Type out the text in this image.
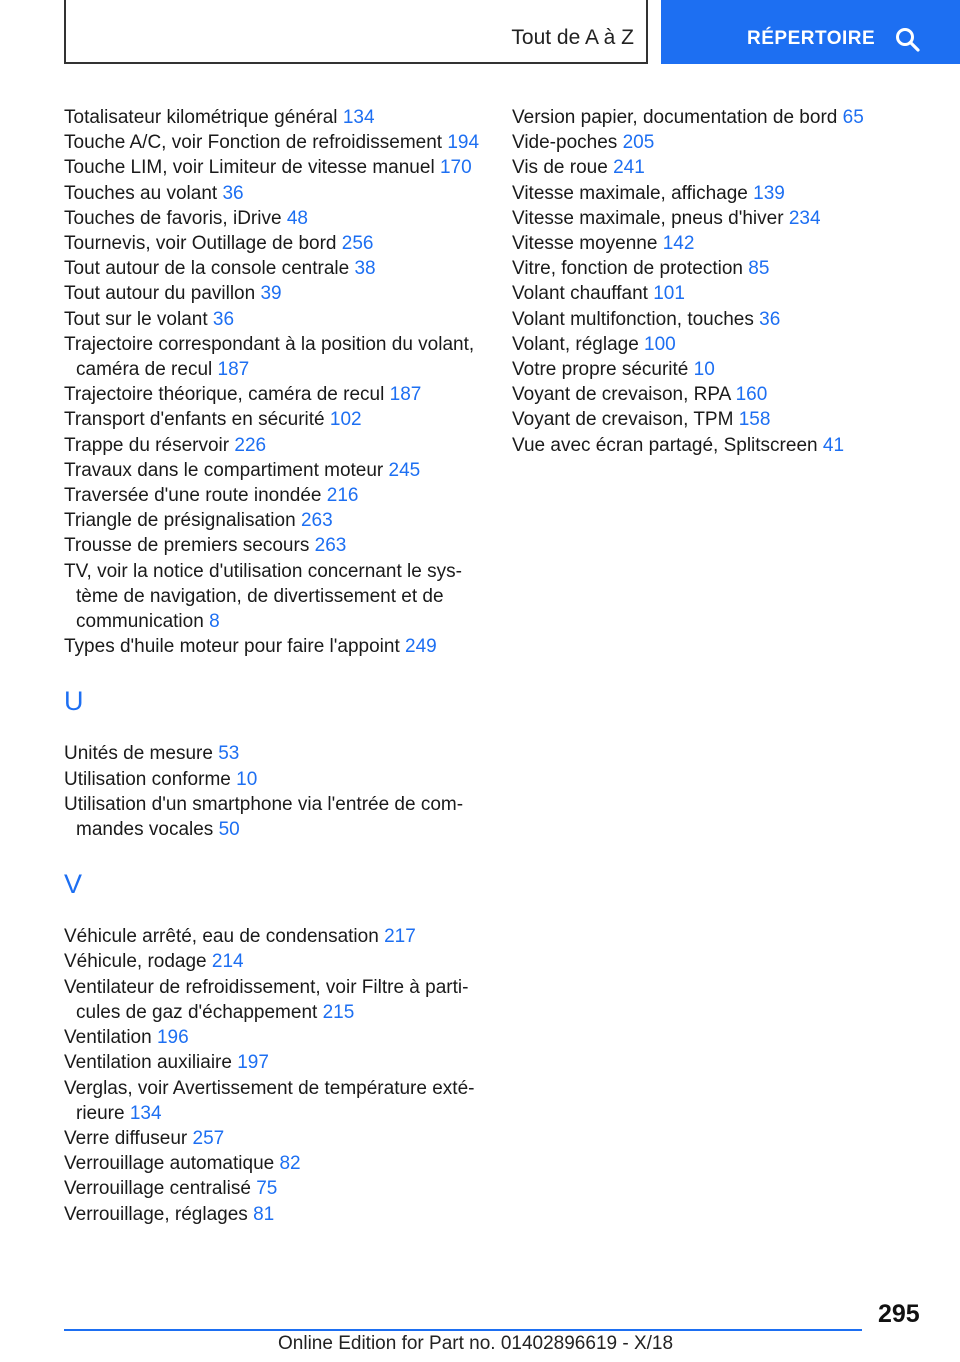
Tout de A à Z	RÉPERTOIRE

Totalisateur kilométrique général 134

Touche A/C, voir Fonction de refroidissement 194

Touche LIM, voir Limiteur de vitesse manuel 170

Touches au volant 36

Touches de favoris, iDrive 48

Tournevis, voir Outillage de bord 256

Tout autour de la console centrale 38

Tout autour du pavillon 39

Tout sur le volant 36

Trajectoire correspondant à la position du volant, caméra de recul 187

Trajectoire théorique, caméra de recul 187

Transport d'enfants en sécurité 102

Trappe du réservoir 226

Travaux dans le compartiment moteur 245

Traversée d'une route inondée 216

Triangle de présignalisation 263

Trousse de premiers secours 263

TV, voir la notice d'utilisation concernant le système de navigation, de divertissement et de communication 8

Types d'huile moteur pour faire l'appoint 249

U

Unités de mesure 53

Utilisation conforme 10

Utilisation d'un smartphone via l'entrée de commandes vocales 50

V

Véhicule arrêté, eau de condensation 217

Véhicule, rodage 214

Ventilateur de refroidissement, voir Filtre à particules de gaz d'échappement 215

Ventilation 196

Ventilation auxiliaire 197

Verglas, voir Avertissement de température extérieure 134

Verre diffuseur 257

Verrouillage automatique 82

Verrouillage centralisé 75

Verrouillage, réglages 81

Version papier, documentation de bord 65

Vide-poches 205

Vis de roue 241

Vitesse maximale, affichage 139

Vitesse maximale, pneus d'hiver 234

Vitesse moyenne 142

Vitre, fonction de protection 85

Volant chauffant 101

Volant multifonction, touches 36

Volant, réglage 100

Votre propre sécurité 10

Voyant de crevaison, RPA 160

Voyant de crevaison, TPM 158

Vue avec écran partagé, Splitscreen 41

295
Online Edition for Part no. 01402896619 - X/18
